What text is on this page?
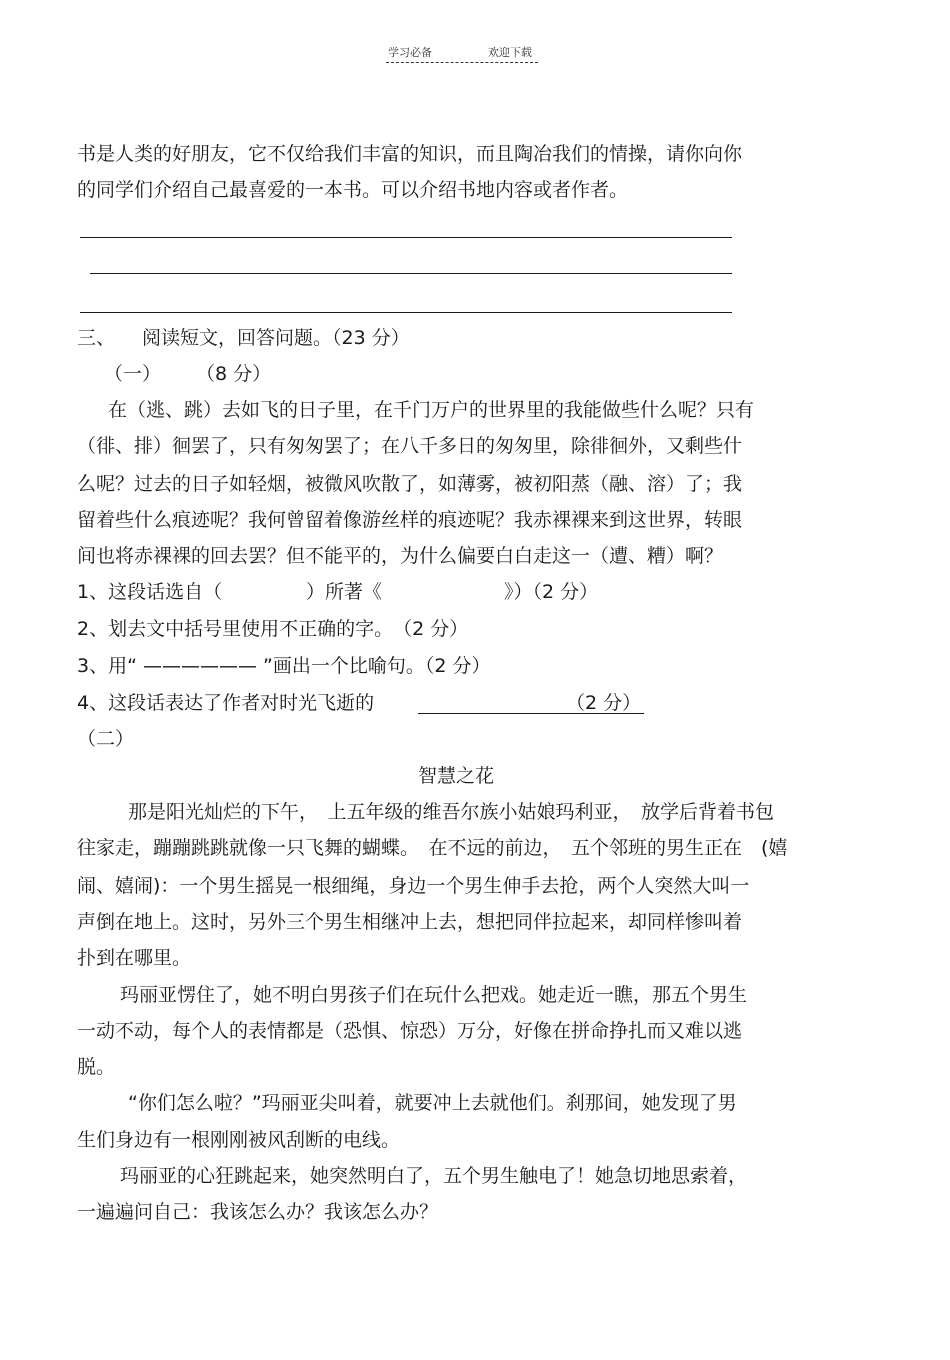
学习必备	欢迎下载
书是人类的好朋友，它不仅给我们丰富的知识，而且陶冶我们的情操，请你向你
的同学们介绍自己最喜爱的一本书。可以介绍书地内容或者作者。
三、 阅读短文，回答问题。（23 分）
（一） （8 分）
在（逃、跳）去如飞的日子里，在千门万户的世界里的我能做些什么呢？只有
（徘、排）徊罢了，只有匆匆罢了；在八千多日的匆匆里，除徘徊外，又剩些什
么呢？过去的日子如轻烟，被微风吹散了，如薄雾，被初阳蒸（融、溶）了；我
留着些什么痕迹呢？我何曾留着像游丝样的痕迹呢？我赤裸裸来到这世界，转眼
间也将赤裸裸的回去罢？但不能平的，为什么偏要白白走这一（遭、糟）啊？
1、这段话选自（	）所著《	》）（2 分）
2、划去文中括号里使用不正确的字。　（2 分）
3、用“ —————— ”画出一个比喻句。（2 分）
4、这段话表达了作者对时光飞逝的	（2 分）
（二）
智慧之花
那是阳光灿烂的下午，　上五年级的维吾尔族小姑娘玛利亚，　放学后背着书包
往家走，蹦蹦跳跳就像一只飞舞的蝴蝶。　在不远的前边，　五个邻班的男生正在　(嬉
闹、嬉闹)：一个男生摇晃一根细绳，身边一个男生伸手去抢，两个人突然大叫一
声倒在地上。这时，另外三个男生相继冲上去，想把同伴拉起来，却同样惨叫着
扑到在哪里。
玛丽亚愣住了，她不明白男孩子们在玩什么把戏。她走近一瞧，那五个男生
一动不动，每个人的表情都是（恐惧、惊恐）万分，好像在拼命挣扎而又难以逃
脱。
“你们怎么啦？”玛丽亚尖叫着，就要冲上去就他们。刹那间，她发现了男
生们身边有一根刚刚被风刮断的电线。
玛丽亚的心狂跳起来，她突然明白了，五个男生触电了！她急切地思索着，
一遍遍问自己：我该怎么办？我该怎么办？
